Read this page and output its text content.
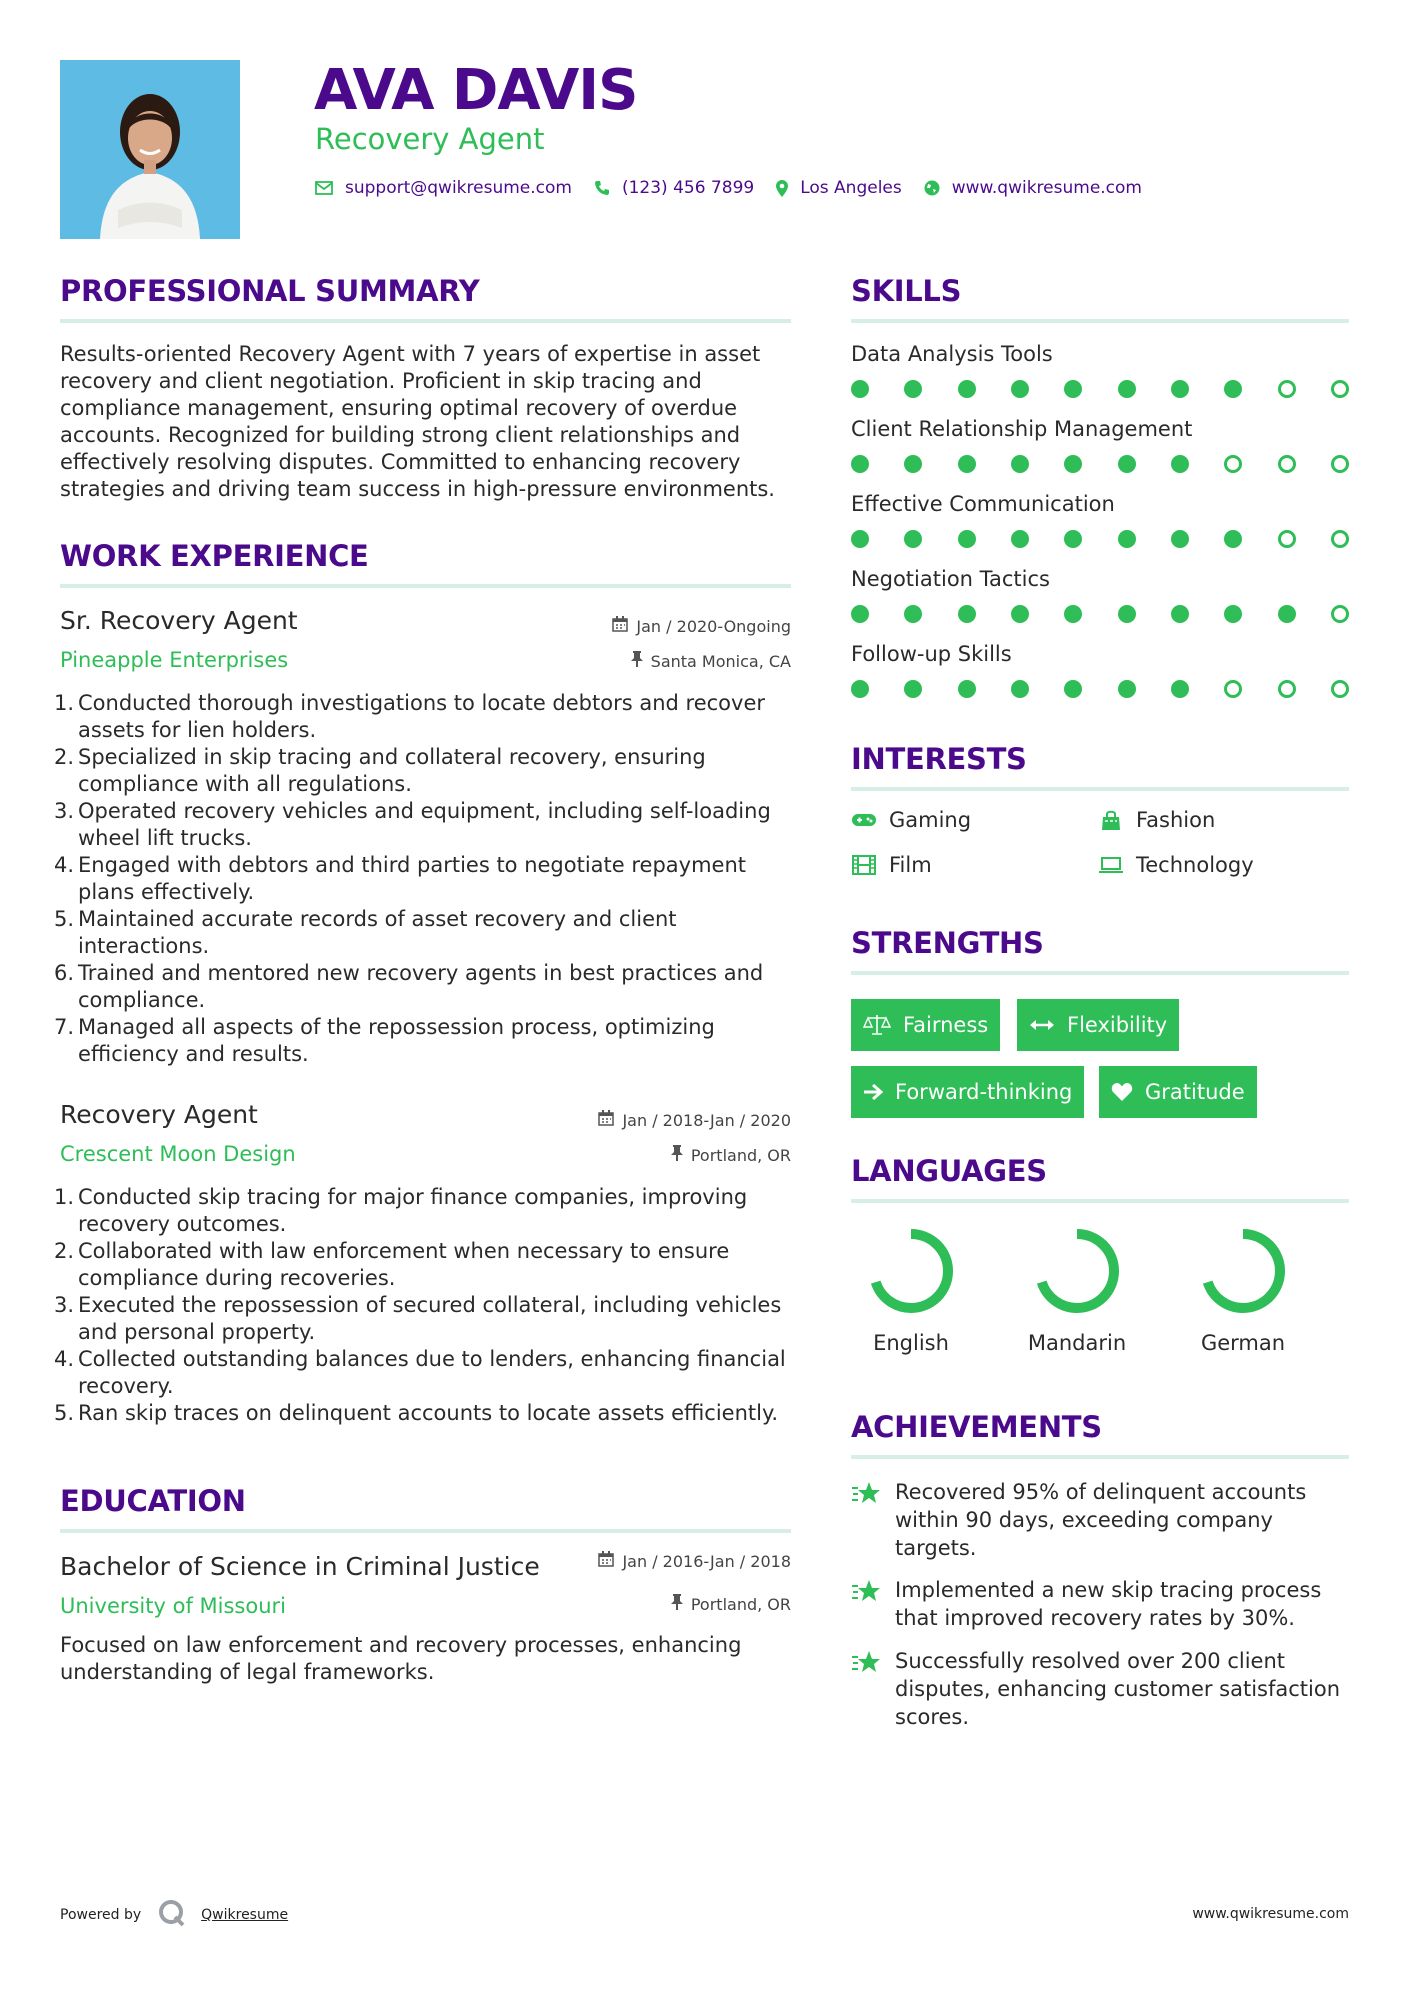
AVA DAVIS
Recovery Agent
support@qwikresume.com	(123) 456 7899	Los Angeles	www.qwikresume.com
PROFESSIONAL SUMMARY
Results-oriented Recovery Agent with 7 years of expertise in asset
recovery and client negotiation. Proficient in skip tracing and
compliance management, ensuring optimal recovery of overdue
accounts. Recognized for building strong client relationships and
effectively resolving disputes. Committed to enhancing recovery
strategies and driving team success in high-pressure environments.
WORK EXPERIENCE
Sr. Recovery Agent
Pineapple Enterprises
Jan / 2020-Ongoing
Santa Monica, CA
1. Conducted thorough investigations to locate debtors and recover
assets for lien holders.
2. Specialized in skip tracing and collateral recovery, ensuring
compliance with all regulations.
3. Operated recovery vehicles and equipment, including self-loading
wheel lift trucks.
4. Engaged with debtors and third parties to negotiate repayment
plans effectively.
5. Maintained accurate records of asset recovery and client
interactions.
6. Trained and mentored new recovery agents in best practices and
compliance.
7. Managed all aspects of the repossession process, optimizing
efficiency and results.
Recovery Agent
Crescent Moon Design
Jan / 2018-Jan / 2020
Portland, OR
1. Conducted skip tracing for major finance companies, improving
recovery outcomes.
2. Collaborated with law enforcement when necessary to ensure
compliance during recoveries.
3. Executed the repossession of secured collateral, including vehicles
and personal property.
4. Collected outstanding balances due to lenders, enhancing financial
recovery.
5. Ran skip traces on delinquent accounts to locate assets efficiently.
EDUCATION
Bachelor of Science in Criminal Justice
University of Missouri
Jan / 2016-Jan / 2018
Portland, OR
Focused on law enforcement and recovery processes, enhancing
understanding of legal frameworks.
SKILLS
Data Analysis Tools
Client Relationship Management
Effective Communication
Negotiation Tactics
Follow-up Skills
INTERESTS
Gaming	Fashion
Film	Technology
STRENGTHS
Fairness	Flexibility
Forward-thinking	Gratitude
LANGUAGES
English	Mandarin	German
ACHIEVEMENTS
Recovered 95% of delinquent accounts
within 90 days, exceeding company
targets.
Implemented a new skip tracing process
that improved recovery rates by 30%.
Successfully resolved over 200 client
disputes, enhancing customer satisfaction
scores.
Powered by	Qwikresume	www.qwikresume.com
